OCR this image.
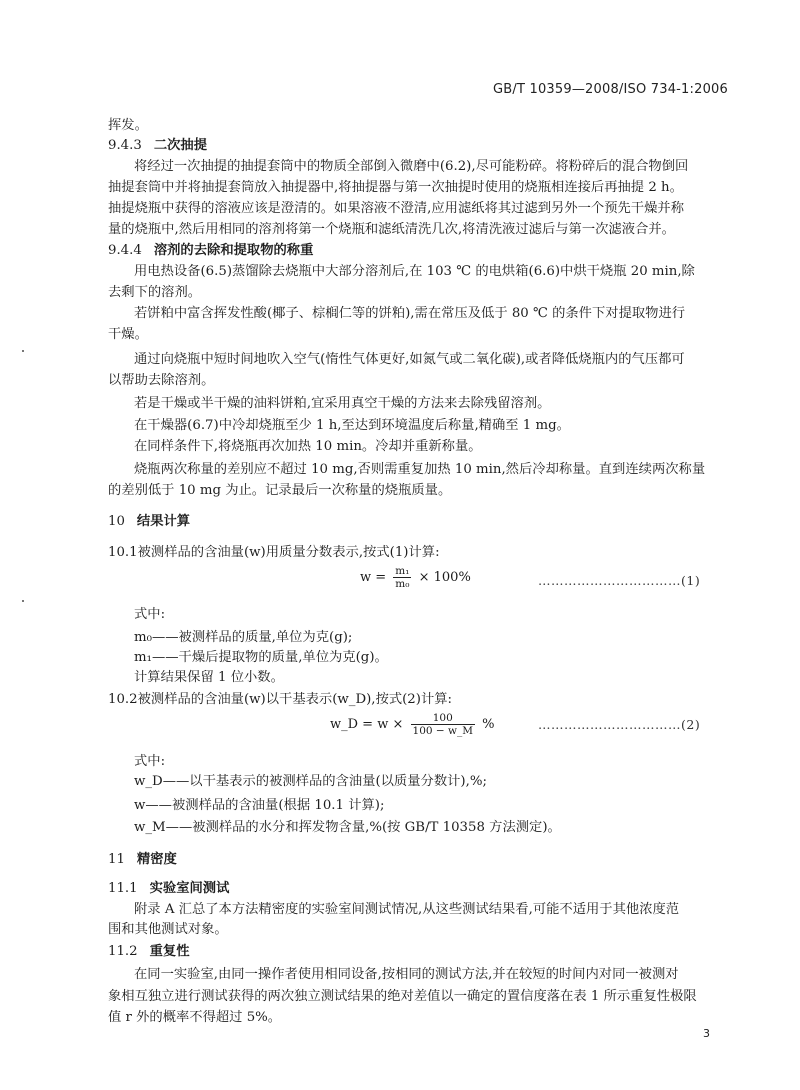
GB/T 10359—2008/ISO 734-1:2006
挥发。
9.4.3 二次抽提
将经过一次抽提的抽提套筒中的物质全部倒入微磨中(6.2),尽可能粉碎。将粉碎后的混合物倒回
抽提套筒中并将抽提套筒放入抽提器中,将抽提器与第一次抽提时使用的烧瓶相连接后再抽提 2 h。
抽提烧瓶中获得的溶液应该是澄清的。如果溶液不澄清,应用滤纸将其过滤到另外一个预先干燥并称
量的烧瓶中,然后用相同的溶剂将第一个烧瓶和滤纸清洗几次,将清洗液过滤后与第一次滤液合并。
9.4.4 溶剂的去除和提取物的称重
用电热设备(6.5)蒸馏除去烧瓶中大部分溶剂后,在 103 ℃ 的电烘箱(6.6)中烘干烧瓶 20 min,除
去剩下的溶剂。
若饼粕中富含挥发性酸(椰子、棕榈仁等的饼粕),需在常压及低于 80 ℃ 的条件下对提取物进行
干燥。
通过向烧瓶中短时间地吹入空气(惰性气体更好,如氮气或二氧化碳),或者降低烧瓶内的气压都可
以帮助去除溶剂。
若是干燥或半干燥的油料饼粕,宜采用真空干燥的方法来去除残留溶剂。
在干燥器(6.7)中冷却烧瓶至少 1 h,至达到环境温度后称量,精确至 1 mg。
在同样条件下,将烧瓶再次加热 10 min。冷却并重新称量。
烧瓶两次称量的差别应不超过 10 mg,否则需重复加热 10 min,然后冷却称量。直到连续两次称量
的差别低于 10 mg 为止。记录最后一次称量的烧瓶质量。
10 结果计算
10.1被测样品的含油量(w)用质量分数表示,按式(1)计算:
式中:
m₀——被测样品的质量,单位为克(g);
m₁——干燥后提取物的质量,单位为克(g)。
计算结果保留 1 位小数。
10.2被测样品的含油量(w)以干基表示(w_D),按式(2)计算:
式中:
w_D——以干基表示的被测样品的含油量(以质量分数计),%;
w——被测样品的含油量(根据 10.1 计算);
w_M——被测样品的水分和挥发物含量,%(按 GB/T 10358 方法测定)。
11 精密度
11.1 实验室间测试
附录 A 汇总了本方法精密度的实验室间测试情况,从这些测试结果看,可能不适用于其他浓度范
围和其他测试对象。
11.2 重复性
在同一实验室,由同一操作者使用相同设备,按相同的测试方法,并在较短的时间内对同一被测对
象相互独立进行测试获得的两次独立测试结果的绝对差值以一确定的置信度落在表 1 所示重复性极限
值 r 外的概率不得超过 5%。
$w = \frac{\text{m₁}}{\text{m₀}} \times 100\%$	……………………………(1)
w_D = $w \times \frac{100}{100 - w\_M}$ %	……………………………(2)
3
